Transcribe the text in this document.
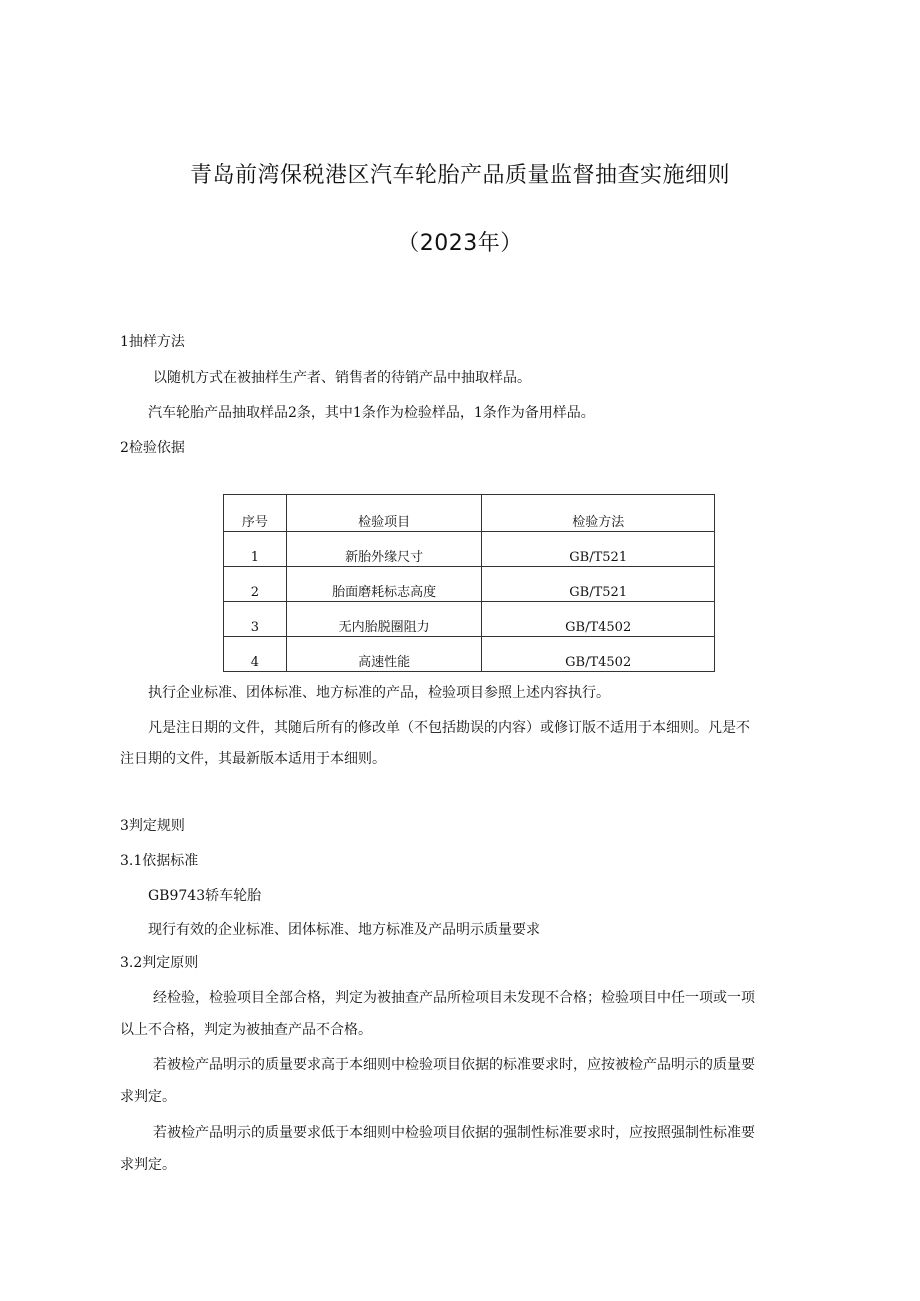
青岛前湾保税港区汽车轮胎产品质量监督抽查实施细则
（2023年）
1抽样方法
以随机方式在被抽样生产者、销售者的待销产品中抽取样品。
汽车轮胎产品抽取样品2条，其中1条作为检验样品，1条作为备用样品。
2检验依据
序号	检验项目	检验方法
1	新胎外缘尺寸	GB/T521
2	胎面磨耗标志高度	GB/T521
3	无内胎脱圈阻力	GB/T4502
4	高速性能	GB/T4502
执行企业标准、团体标准、地方标准的产品，检验项目参照上述内容执行。
凡是注日期的文件，其随后所有的修改单（不包括勘误的内容）或修订版不适用于本细则。凡是不
注日期的文件，其最新版本适用于本细则。
3判定规则
3.1依据标准
GB9743轿车轮胎
现行有效的企业标准、团体标准、地方标准及产品明示质量要求
3.2判定原则
经检验，检验项目全部合格，判定为被抽查产品所检项目未发现不合格；检验项目中任一项或一项
以上不合格，判定为被抽查产品不合格。
若被检产品明示的质量要求高于本细则中检验项目依据的标准要求时，应按被检产品明示的质量要
求判定。
若被检产品明示的质量要求低于本细则中检验项目依据的强制性标准要求时，应按照强制性标准要
求判定。
